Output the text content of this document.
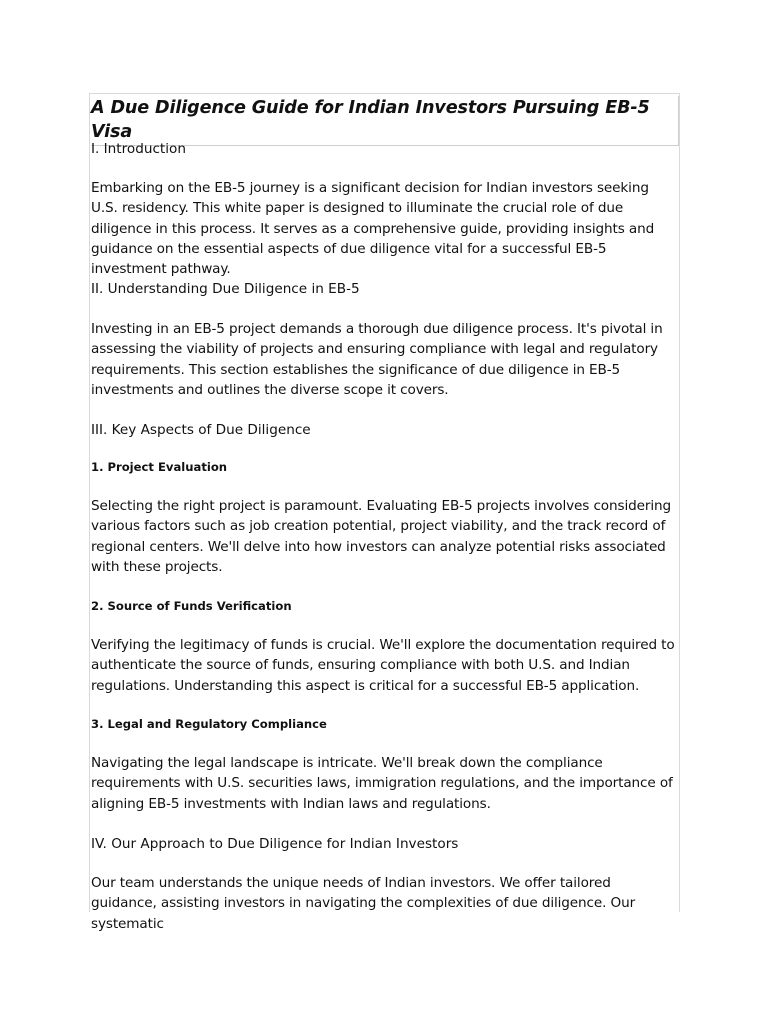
A Due Diligence Guide for Indian Investors Pursuing EB-5 Visa

I. Introduction

Embarking on the EB-5 journey is a significant decision for Indian investors seeking U.S. residency. This white paper is designed to illuminate the crucial role of due diligence in this process. It serves as a comprehensive guide, providing insights and guidance on the essential aspects of due diligence vital for a successful EB-5 investment pathway.

II. Understanding Due Diligence in EB-5

Investing in an EB-5 project demands a thorough due diligence process. It's pivotal in assessing the viability of projects and ensuring compliance with legal and regulatory requirements. This section establishes the significance of due diligence in EB-5 investments and outlines the diverse scope it covers.

III. Key Aspects of Due Diligence

1. Project Evaluation

Selecting the right project is paramount. Evaluating EB-5 projects involves considering various factors such as job creation potential, project viability, and the track record of regional centers. We'll delve into how investors can analyze potential risks associated with these projects.

2. Source of Funds Verification

Verifying the legitimacy of funds is crucial. We'll explore the documentation required to authenticate the source of funds, ensuring compliance with both U.S. and Indian regulations. Understanding this aspect is critical for a successful EB-5 application.

3. Legal and Regulatory Compliance

Navigating the legal landscape is intricate. We'll break down the compliance requirements with U.S. securities laws, immigration regulations, and the importance of aligning EB-5 investments with Indian laws and regulations.

IV. Our Approach to Due Diligence for Indian Investors

Our team understands the unique needs of Indian investors. We offer tailored guidance, assisting investors in navigating the complexities of due diligence. Our systematic
